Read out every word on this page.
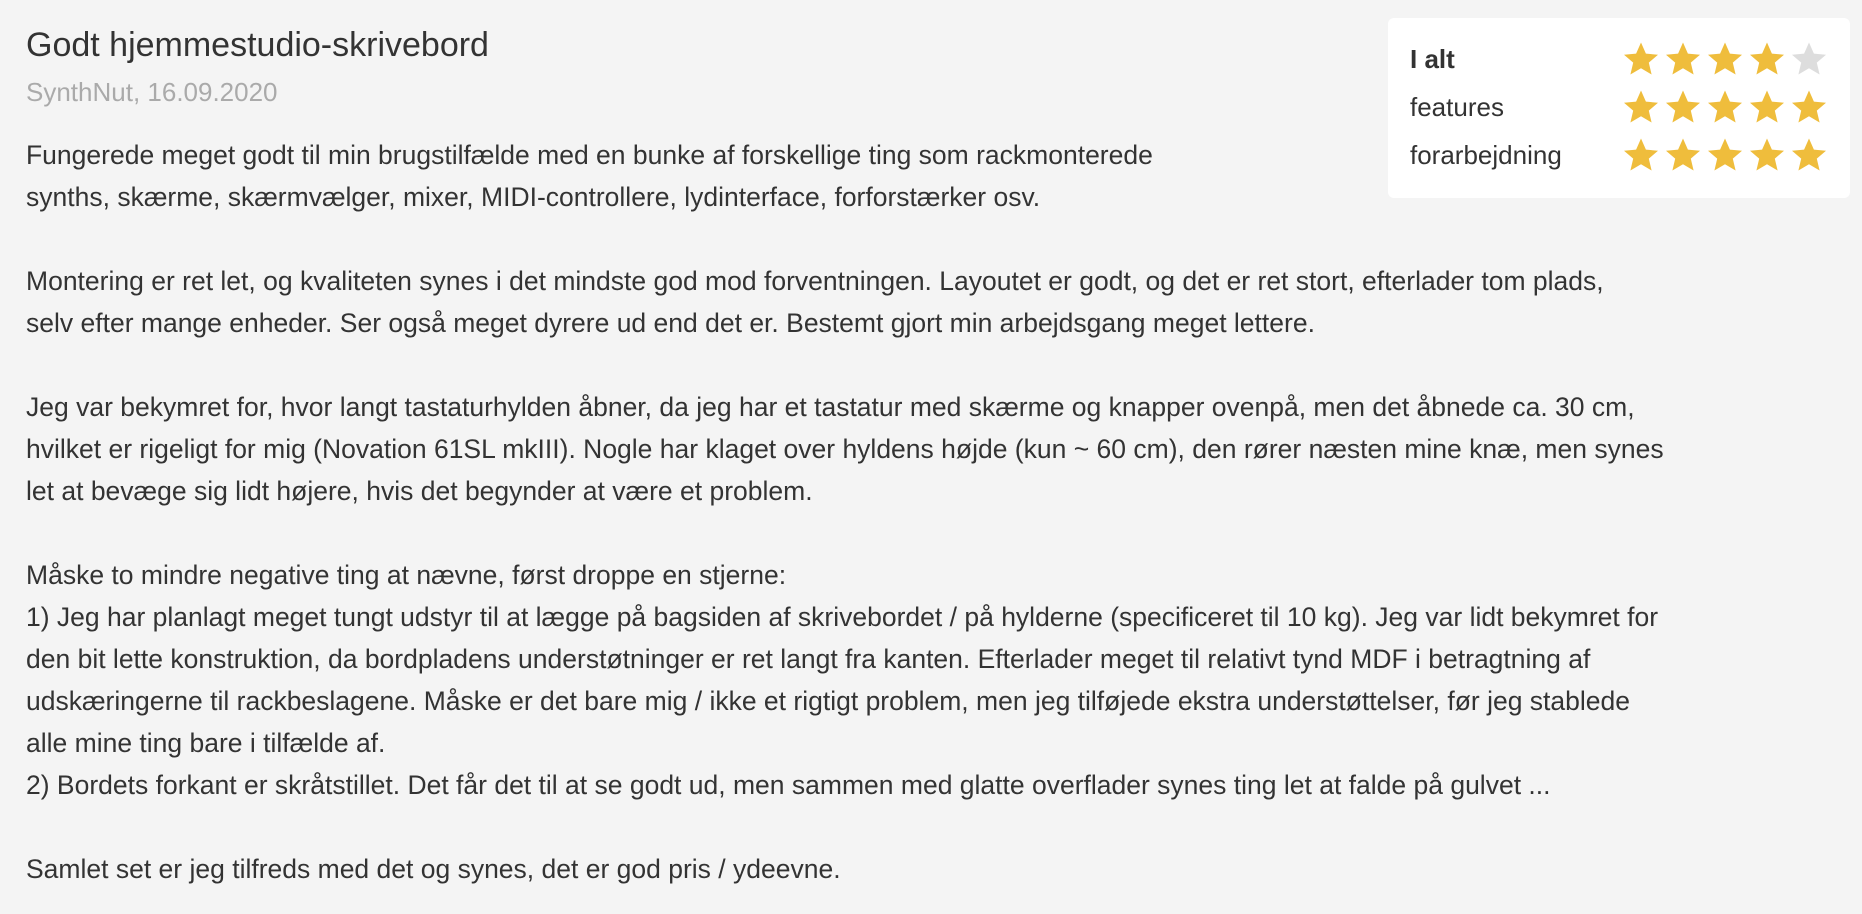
Godt hjemmestudio-skrivebord
SynthNut, 16.09.2020

Fungerede meget godt til min brugstilfælde med en bunke af forskellige ting som rackmonterede

synths, skærme, skærmvælger, mixer, MIDI-controllere, lydinterface, forforstærker osv.

Montering er ret let, og kvaliteten synes i det mindste god mod forventningen. Layoutet er godt, og det er ret stort, efterlader tom plads,

selv efter mange enheder. Ser også meget dyrere ud end det er. Bestemt gjort min arbejdsgang meget lettere.

Jeg var bekymret for, hvor langt tastaturhylden åbner, da jeg har et tastatur med skærme og knapper ovenpå, men det åbnede ca. 30 cm,

hvilket er rigeligt for mig (Novation 61SL mkIII). Nogle har klaget over hyldens højde (kun ~ 60 cm), den rører næsten mine knæ, men synes

let at bevæge sig lidt højere, hvis det begynder at være et problem.

Måske to mindre negative ting at nævne, først droppe en stjerne:

1) Jeg har planlagt meget tungt udstyr til at lægge på bagsiden af skrivebordet / på hylderne (specificeret til 10 kg). Jeg var lidt bekymret for

den bit lette konstruktion, da bordpladens understøtninger er ret langt fra kanten. Efterlader meget til relativt tynd MDF i betragtning af

udskæringerne til rackbeslagene. Måske er det bare mig / ikke et rigtigt problem, men jeg tilføjede ekstra understøttelser, før jeg stablede

alle mine ting bare i tilfælde af.

2) Bordets forkant er skråtstillet. Det får det til at se godt ud, men sammen med glatte overflader synes ting let at falde på gulvet ...

Samlet set er jeg tilfreds med det og synes, det er god pris / ydeevne.

I alt
features
forarbejdning
